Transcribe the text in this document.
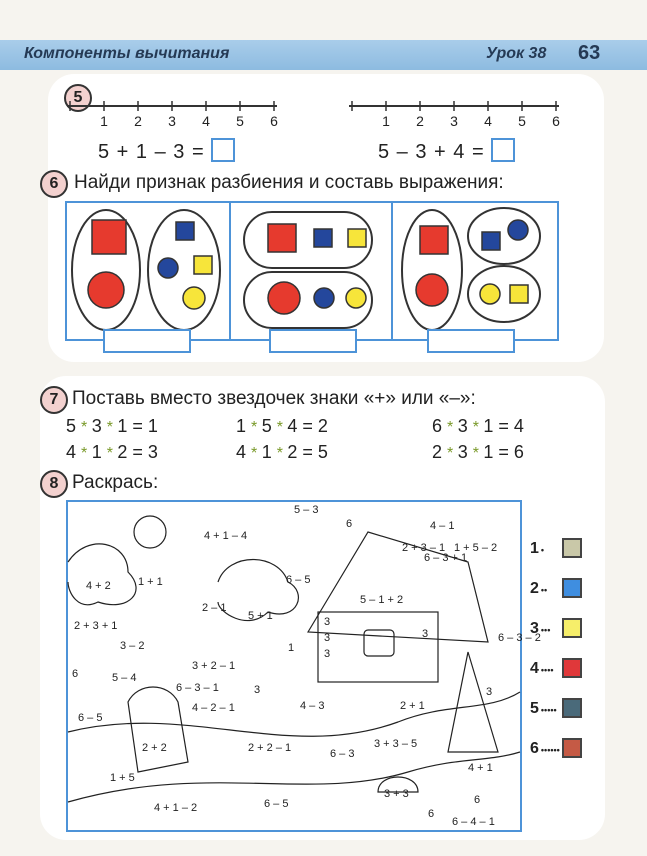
Компоненты вычитания	Урок 38 63
5
1 2 3 4 5 6	1 2 3 4 5 6
5 + 1 – 3 =	5 – 3 + 4 =
6 Найди признак разбиения и составь выражения:
7 Поставь вместо звездочек знаки «+» или «–»:
5 * 3 * 1 = 1	1 * 5 * 4 = 2	6 * 3 * 1 = 4
4 * 1 * 2 = 3	4 * 1 * 2 = 5	2 * 3 * 1 = 6
8 Раскрась:
5 – 3
4 + 1 – 4
6	4 – 1
4 + 2 1 + 1
2 – 1
5 + 1
6 – 5
5 – 1 + 2
2 + 3 – 1
6 – 3 + 1
1 + 5 – 2
2 + 3 + 1
3 – 2
3 + 2 – 1
6 – 3 – 1
5 – 4
6
3
1
4 – 3
6 – 3 – 2
6 – 5
4 – 2 – 1	2 + 1
3
2 + 2	2 + 2 – 1	6 – 3
3 + 3 – 5
4 + 1
1 + 5
4 + 1 – 2	6 – 5
3 + 3
6
6 – 4 – 1
6
3
3
3
3
1 •
2 ••
3 •••
4 ••••
5 •••••
6 ••••••
